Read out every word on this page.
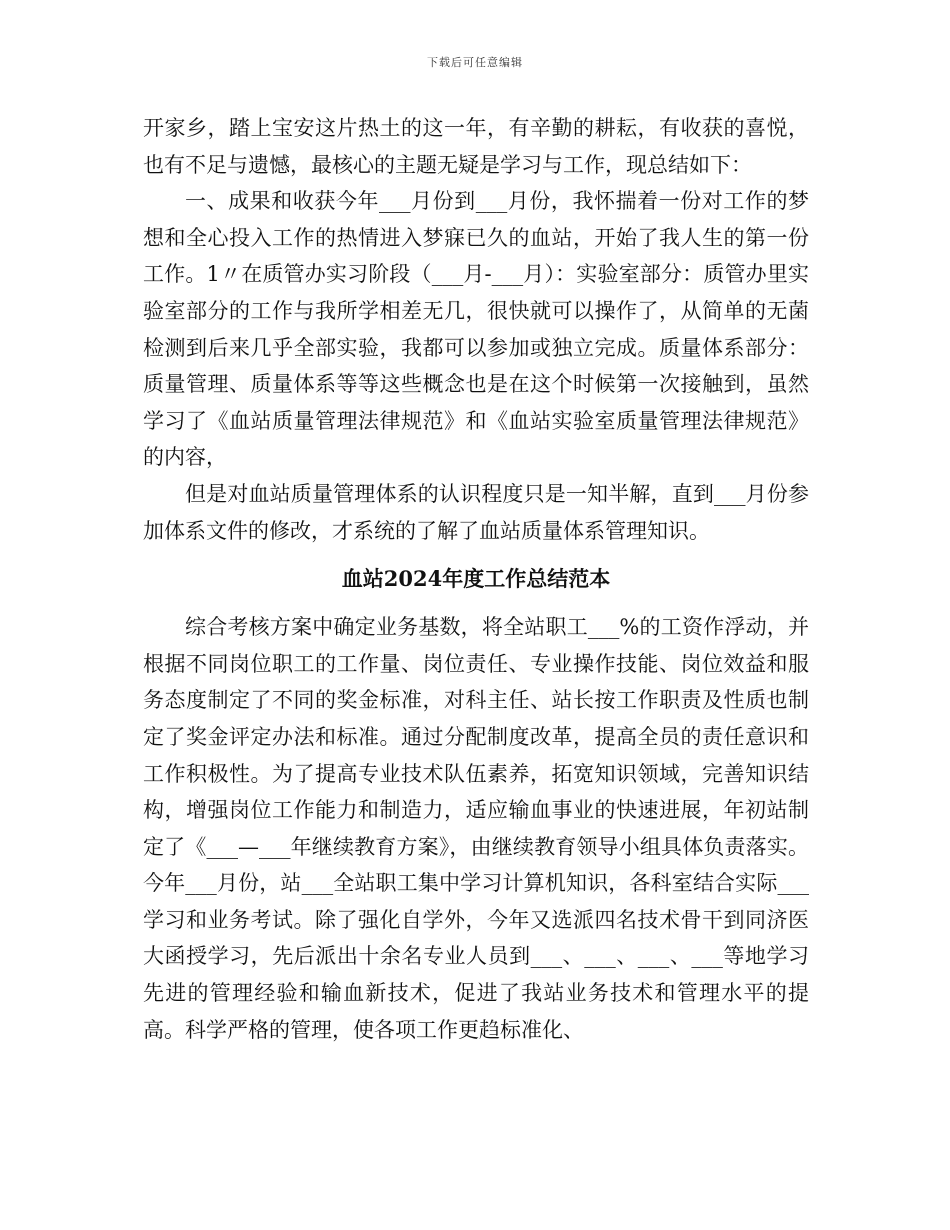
下载后可任意编辑

开家乡，踏上宝安这片热土的这一年，有辛勤的耕耘，有收获的喜悦，也有不足与遗憾，最核心的主题无疑是学习与工作，现总结如下：

一、成果和收获今年___月份到___月份，我怀揣着一份对工作的梦想和全心投入工作的热情进入梦寐已久的血站，开始了我人生的第一份工作。1〃在质管办实习阶段（___月-___月）：实验室部分：质管办里实验室部分的工作与我所学相差无几，很快就可以操作了，从简单的无菌检测到后来几乎全部实验，我都可以参加或独立完成。质量体系部分：质量管理、质量体系等等这些概念也是在这个时候第一次接触到，虽然学习了《血站质量管理法律规范》和《血站实验室质量管理法律规范》的内容，

但是对血站质量管理体系的认识程度只是一知半解，直到___月份参加体系文件的修改，才系统的了解了血站质量体系管理知识。

血站2024年度工作总结范本

综合考核方案中确定业务基数，将全站职工___%的工资作浮动，并根据不同岗位职工的工作量、岗位责任、专业操作技能、岗位效益和服务态度制定了不同的奖金标准，对科主任、站长按工作职责及性质也制定了奖金评定办法和标准。通过分配制度改革，提高全员的责任意识和工作积极性。为了提高专业技术队伍素养，拓宽知识领域，完善知识结构，增强岗位工作能力和制造力，适应输血事业的快速进展，年初站制定了《___—___年继续教育方案》，由继续教育领导小组具体负责落实。今年___月份，站___全站职工集中学习计算机知识，各科室结合实际___学习和业务考试。除了强化自学外，今年又选派四名技术骨干到同济医大函授学习，先后派出十余名专业人员到___、___、___、___等地学习先进的管理经验和输血新技术，促进了我站业务技术和管理水平的提高。科学严格的管理，使各项工作更趋标准化、
